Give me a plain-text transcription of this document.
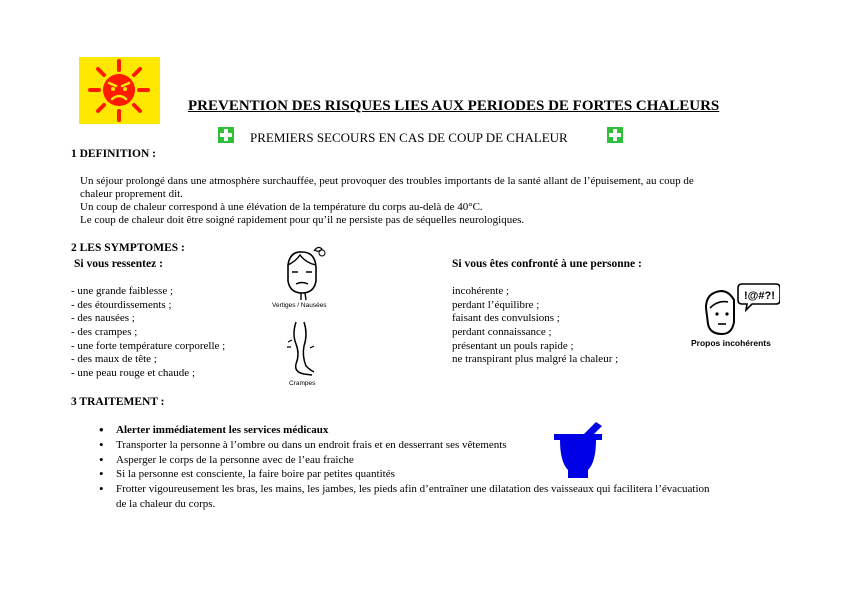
PREVENTION DES RISQUES LIES AUX PERIODES DE FORTES CHALEURS
PREMIERS SECOURS EN CAS DE COUP DE CHALEUR
1 DEFINITION :
Un séjour prolongé dans une atmosphère surchauffée, peut provoquer des troubles importants de la santé allant de l’épuisement, au coup de
chaleur proprement dit.
Un coup de chaleur correspond à une élévation de la température du corps au-delà de 40°C.
Le coup de chaleur doit être soigné rapidement pour qu’il ne persiste pas de séquelles neurologiques.
2 LES SYMPTOMES :
Si vous ressentez :
- une grande faiblesse ;
- des étourdissements ;
- des nausées ;
- des crampes ;
- une forte température corporelle ;
- des maux de tête ;
- une peau rouge et chaude ;
Vertiges / Nausées
Crampes
Si vous êtes confronté à une personne :
incohérente ;
perdant l’équilibre ;
faisant des convulsions ;
perdant connaissance ;
présentant un pouls rapide ;
ne transpirant plus malgré la chaleur ;
!@#?!
Propos incohérents
3 TRAITEMENT :
• Alerter immédiatement les services médicaux
• Transporter la personne à l’ombre ou dans un endroit frais et en desserrant ses vêtements
• Asperger le corps de la personne avec de l’eau fraiche
• Si la personne est consciente, la faire boire par petites quantités
• Frotter vigoureusement les bras, les mains, les jambes, les pieds afin d’entraîner une dilatation des vaisseaux qui facilitera l’évacuation
de la chaleur du corps.
